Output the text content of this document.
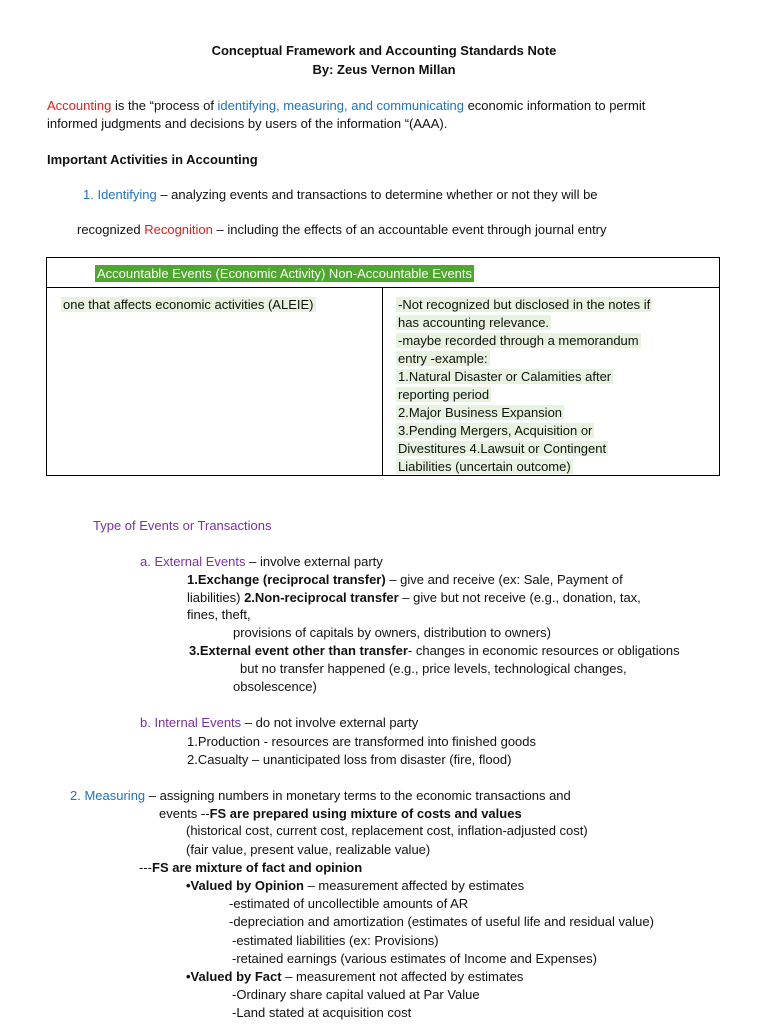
Conceptual Framework and Accounting Standards Note
By: Zeus Vernon Millan
Accounting is the “process of identifying, measuring, and communicating economic information to permit
informed judgments and decisions by users of the information “(AAA).
Important Activities in Accounting
1. Identifying – analyzing events and transactions to determine whether or not they will be
recognized Recognition – including the effects of an accountable event through journal entry
Accountable Events (Economic Activity) Non-Accountable Events
one that affects economic activities (ALEIE)	-Not recognized but disclosed in the notes if
has accounting relevance.
-maybe recorded through a memorandum
entry -example:
1.Natural Disaster or Calamities after
reporting period
2.Major Business Expansion
3.Pending Mergers, Acquisition or
Divestitures 4.Lawsuit or Contingent
Liabilities (uncertain outcome)
Type of Events or Transactions
a. External Events – involve external party
1.Exchange (reciprocal transfer) – give and receive (ex: Sale, Payment of
liabilities) 2.Non-reciprocal transfer – give but not receive (e.g., donation, tax,
fines, theft,
provisions of capitals by owners, distribution to owners)
3.External event other than transfer- changes in economic resources or obligations
but no transfer happened (e.g., price levels, technological changes,
obsolescence)
b. Internal Events – do not involve external party
1.Production - resources are transformed into finished goods
2.Casualty – unanticipated loss from disaster (fire, flood)
2. Measuring – assigning numbers in monetary terms to the economic transactions and
events --FS are prepared using mixture of costs and values
(historical cost, current cost, replacement cost, inflation-adjusted cost)
(fair value, present value, realizable value)
---FS are mixture of fact and opinion
•Valued by Opinion – measurement affected by estimates
-estimated of uncollectible amounts of AR
-depreciation and amortization (estimates of useful life and residual value)
-estimated liabilities (ex: Provisions)
-retained earnings (various estimates of Income and Expenses)
•Valued by Fact – measurement not affected by estimates
-Ordinary share capital valued at Par Value
-Land stated at acquisition cost
